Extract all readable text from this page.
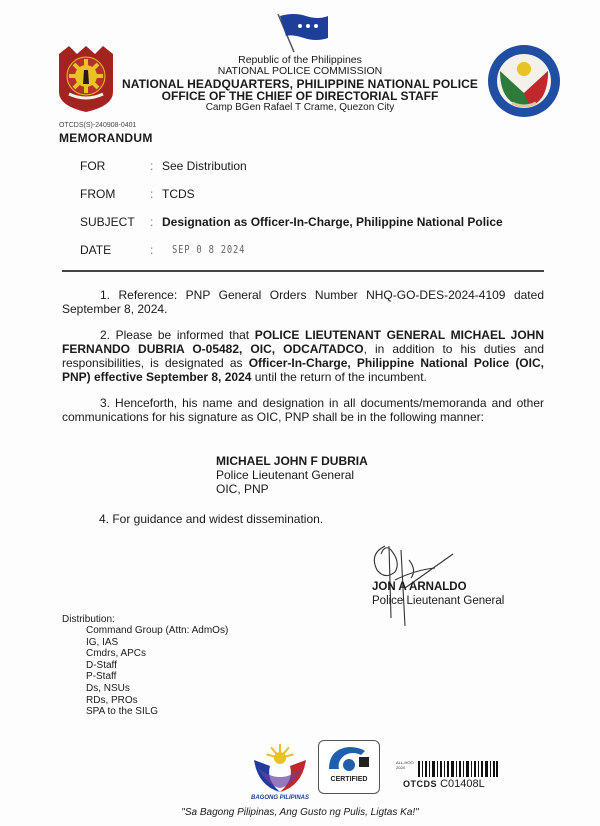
Republic of the Philippines
NATIONAL POLICE COMMISSION
NATIONAL HEADQUARTERS, PHILIPPINE NATIONAL POLICE
OFFICE OF THE CHIEF OF DIRECTORIAL STAFF
Camp BGen Rafael T Crame, Quezon City
OTCDS(S)-240908-0401
MEMORANDUM
FOR	: See Distribution
FROM	: TCDS
SUBJECT	: Designation as Officer-In-Charge, Philippine National Police
DATE	:	SEP 0 8 2024
1. Reference: PNP General Orders Number NHQ-GO-DES-2024-4109 dated September 8, 2024.
2. Please be informed that POLICE LIEUTENANT GENERAL MICHAEL JOHN FERNANDO DUBRIA O-05482, OIC, ODCA/TADCO, in addition to his duties and responsibilities, is designated as Officer-In-Charge, Philippine National Police (OIC, PNP) effective September 8, 2024 until the return of the incumbent.
3. Henceforth, his name and designation in all documents/memoranda and other communications for his signature as OIC, PNP shall be in the following manner:
MICHAEL JOHN F DUBRIA
Police Lieutenant General
OIC, PNP
4. For guidance and widest dissemination.
JON A ARNALDO
Police Lieutenant General
Distribution:
Command Group (Attn: AdmOs)
IG, IAS
Cmdrs, APCs
D-Staff
P-Staff
Ds, NSUs
RDs, PROs
SPA to the SILG
BAGONG PILIPINAS
CERTIFIED
ALL-HOO
2024
OTCDS C01408L
"Sa Bagong Pilipinas, Ang Gusto ng Pulis, Ligtas Ka!"
